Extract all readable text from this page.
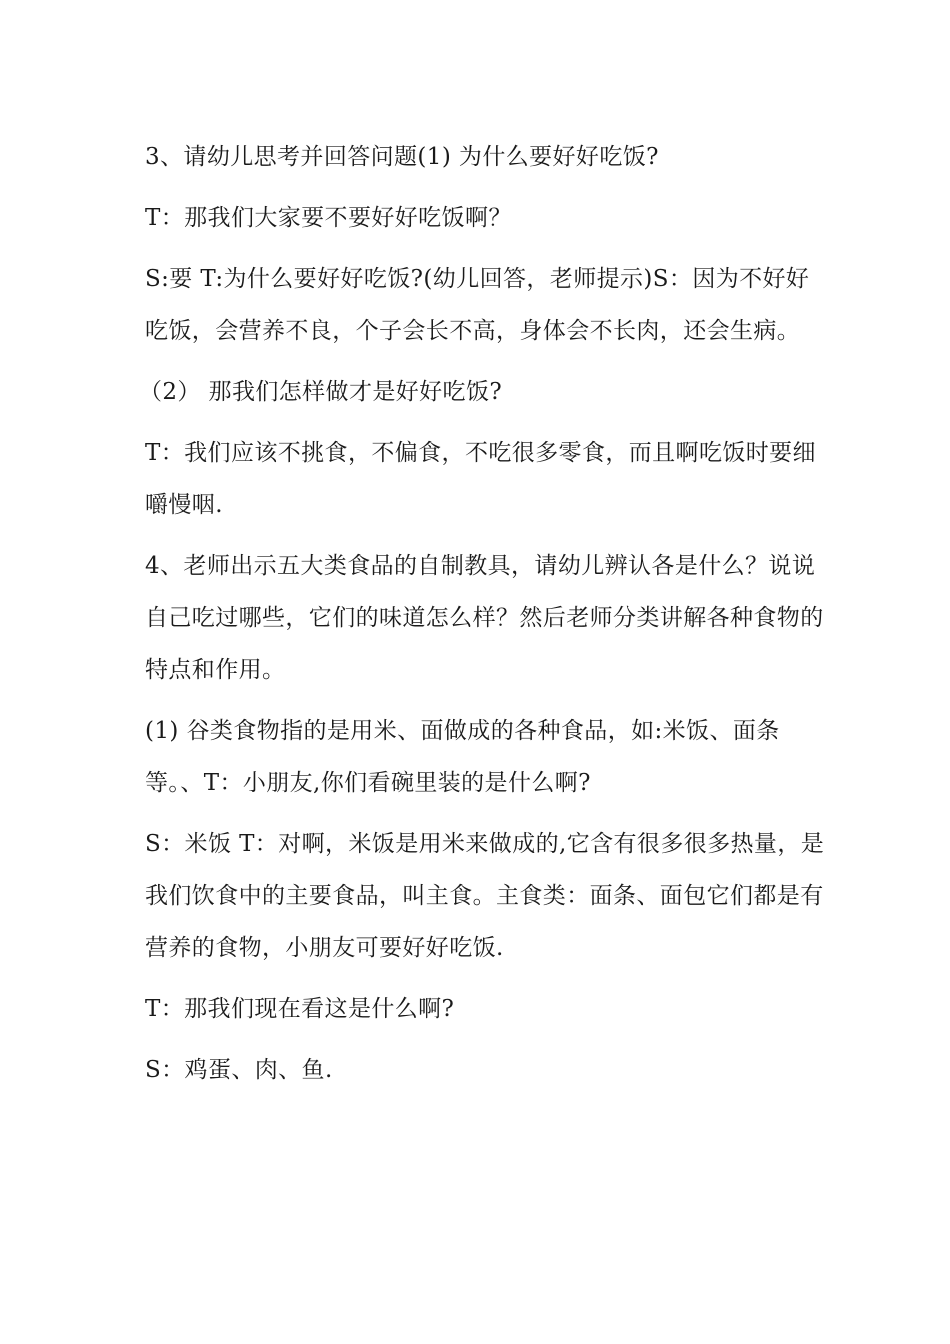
3、请幼儿思考并回答问题(1) 为什么要好好吃饭?

T：那我们大家要不要好好吃饭啊？

S:要 T:为什么要好好吃饭?(幼儿回答，老师提示)S：因为不好好吃饭，会营养不良，个子会长不高，身体会不长肉，还会生病。

（2） 那我们怎样做才是好好吃饭?

T：我们应该不挑食，不偏食，不吃很多零食，而且啊吃饭时要细嚼慢咽.

4、老师出示五大类食品的自制教具，请幼儿辨认各是什么？说说自己吃过哪些，它们的味道怎么样？然后老师分类讲解各种食物的特点和作用。

(1) 谷类食物指的是用米、面做成的各种食品，如:米饭、面条等。、T：小朋友,你们看碗里装的是什么啊?

S：米饭 T：对啊，米饭是用米来做成的,它含有很多很多热量，是我们饮食中的主要食品，叫主食。主食类：面条、面包它们都是有营养的食物，小朋友可要好好吃饭.

T：那我们现在看这是什么啊?

S：鸡蛋、肉、鱼.
